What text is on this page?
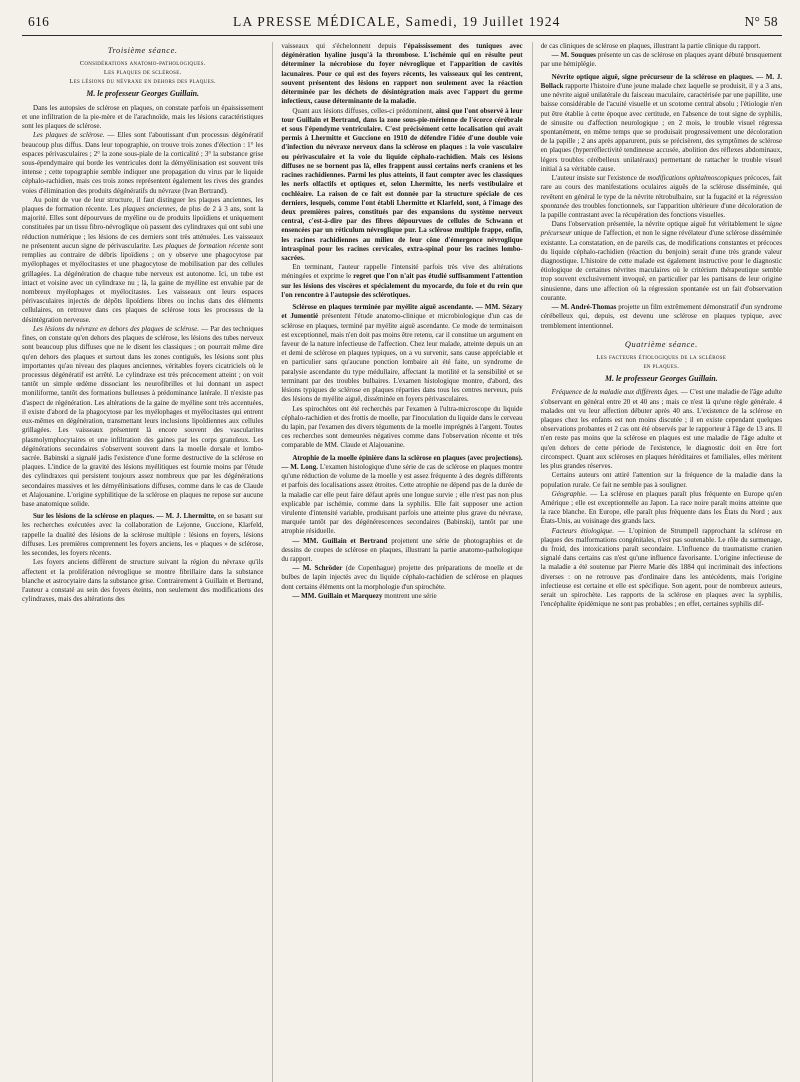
616	LA PRESSE MÉDICALE, Samedi, 19 Juillet 1924	N° 58

Troisième séance.

Considérations anatomo-pathologiques.

Les plaques de sclérose.

Les lésions du névraxe en dehors des plaques.

M. le professeur Georges Guillain.

Dans les autopsies de sclérose en plaques, on constate parfois un épaississement et une infiltration de la pie-mère et de l'arachnoïde, mais les lésions caractéristiques sont les plaques de sclérose.

Les plaques de sclérose. — Elles sont l'aboutissant d'un processus dégénératif beaucoup plus diffus. Dans leur topographie, on trouve trois zones d'élection : 1° les espaces périvasculaires ; 2° la zone sous-piale de la corticalité ; 3° la substance grise sous-épendymaire qui borde les ventricules dont la démyélinisation est souvent très intense ; cette topographie semble indiquer une propagation du virus par le liquide céphalo-rachidien, mais ces trois zones représentent également les rives des grandes voies d'élimination des produits dégénératifs du névraxe (Ivan Bertrand).

Au point de vue de leur structure, il faut distinguer les plaques anciennes, les plaques de formation récente. Les plaques anciennes, de plus de 2 à 3 ans, sont la majorité. Elles sont dépourvues de myéline ou de produits lipoïdiens et uniquement constituées par un tissu fibro-névroglique où passent des cylindraxes qui ont subi une réduction numérique ; les lésions de ces derniers sont très atténuées. Les vaisseaux ne présentent aucun signe de périvascularite. Les plaques de formation récente sont remplies au contraire de débris lipoïdiens ; on y observe une phagocytose par myélophages et myélocitastes et une phagocytose de mobilisation par des cellules grillagées. La dégénération de chaque tube nerveux est autonome. Ici, un tube est intact et voisine avec un cylindraxe nu ; là, la gaine de myéline est envahie par de nombreux myélophages et myélocitastes. Les vaisseaux ont leurs espaces périvasculaires injectés de dépôts lipoïdiens libres ou inclus dans des éléments cellulaires, on retrouve dans ces plaques de sclérose tous les processus de la désintégration nerveuse.

Les lésions du névraxe en dehors des plaques de sclérose. — Par des techniques fines, on constate qu'en dehors des plaques de sclérose, les lésions des tubes nerveux sont beaucoup plus diffuses que ne le disent les classiques ; on pourrait même dire qu'en dehors des plaques et surtout dans les zones contiguës, les lésions sont plus importantes qu'au niveau des plaques anciennes, véritables foyers cicatriciels où le processus dégénératif est arrêté. Le cylindraxe est très précocement atteint ; on voit tantôt un simple œdème dissociant les neurofibrilles et lui donnant un aspect moniliforme, tantôt des formations bulleuses à prédominance latérale. Il n'existe pas d'aspect de régénération. Les altérations de la gaine de myéline sont très accentuées, il existe d'abord de la phagocytose par les myélophages et myélocitastes qui entrent eux-mêmes en dégénération, transmettant leurs inclusions lipoïdiennes aux cellules grillagées. Les vaisseaux présentent là encore souvent des vascularites plasmolymphocytaires et une infiltration des gaines par les corps granuleux. Les dégénérations secondaires s'observent souvent dans la moelle dorsale et lombo-sacrée. Babinski a signalé jadis l'existence d'une forme destructive de la sclérose en plaques. L'indice de la gravité des lésions myélitiques est fournie moins par l'étude des cylindraxes qui persistent toujours assez nombreux que par les dégénérations secondaires massives et les démyélinisations diffuses, comme dans le cas de Claude et Alajouanine. L'origine syphilitique de la sclérose en plaques ne repose sur aucune base anatomique solide.

Sur les lésions de la sclérose en plaques. — M. J. Lhermitte, en se basant sur les recherches exécutées avec la collaboration de Lejonne, Guccione, Klarfeld, rappelle la dualité des lésions de la sclérose multiple : lésions en foyers, lésions diffuses. Les premières comprennent les foyers anciens, les « plaques » de sclérose, les secondes, les foyers récents.

Les foyers anciens diffèrent de structure suivant la région du névraxe qu'ils affectent et la prolifération névroglique se montre fibrillaire dans la substance blanche et astrocytaire dans la substance grise. Contrairement à Guillain et Bertrand, l'auteur a constaté au sein des foyers éteints, non seulement des modifications des cylindraxes, mais des altérations des

vaisseaux qui s'échelonnent depuis l'épaississement des tuniques avec dégénération hyaline jusqu'à la thrombose. L'ischémie qui en résulte peut déterminer la nécrobiose du foyer névroglique et l'apparition de cavités lacunaires. Pour ce qui est des foyers récents, les vaisseaux qui les centrent, souvent présentent des lésions en rapport non seulement avec la réaction déterminée par les déchets de désintégration mais avec l'apport du germe infectieux, cause déterminante de la maladie.

Quant aux lésions diffuses, celles-ci prédominent, ainsi que l'ont observé à leur tour Guillain et Bertrand, dans la zone sous-pie-mérienne de l'écorce cérébrale et sous l'épendyme ventriculaire. C'est précisément cette localisation qui avait permis à Lhermitte et Guccione en 1910 de défendre l'idée d'une double voie d'infection du névraxe nerveux dans la sclérose en plaques : la voie vasculaire ou périvasculaire et la voie du liquide céphalo-rachidien. Mais ces lésions diffuses ne se bornent pas là, elles frappent aussi certains nerfs craniens et les racines rachidiennes. Parmi les plus atteints, il faut compter avec les classiques les nerfs olfactifs et optiques et, selon Lhermitte, les nerfs vestibulaire et cochléaire. La raison de ce fait est donnée par la structure spéciale de ces derniers, lesquels, comme l'ont établi Lhermitte et Klarfeld, sont, à l'image des deux premières paires, constitués par des expansions du système nerveux central, c'est-à-dire par des fibres dépourvues de cellules de Schwann et ensencées par un réticulum névroglique pur. La sclérose multiple frappe, enfin, les racines rachidiennes au milieu de leur cône d'émergence névroglique intraspinal pour les racines cervicales, extra-spinal pour les racines lombo-sacrées.

En terminant, l'auteur rappelle l'intensité parfois très vive des altérations méningées et exprime le regret que l'on n'ait pas étudié suffisamment l'attention sur les lésions des viscères et spécialement du myocarde, du foie et du rein que l'on rencontre à l'autopsie des sclérotiques.

Sclérose en plaques terminée par myélite aiguë ascendante. — MM. Sézary et Jumentié présentent l'étude anatomo-clinique et microbiologique d'un cas de sclérose en plaques, terminé par myélite aiguë ascendante. Ce mode de terminaison est exceptionnel, mais n'en doit pas moins être retenu, car il constitue un argument en faveur de la nature infectieuse de l'affection. Chez leur malade, atteinte depuis un an et demi de sclérose en plaques typiques, on a vu survenir, sans cause appréciable et en particulier sans qu'aucune ponction lombaire ait été faite, un syndrome de paralysie ascendante du type médullaire, affectant la motilité et la sensibilité et se terminant par des troubles bulbaires. L'examen histologique montre, d'abord, des lésions typiques de sclérose en plaques réparties dans tous les centres nerveux, puis des lésions de myélite aiguë, disséminée en foyers périvasculaires.

Les spirochètes ont été recherchés par l'examen à l'ultra-microscope du liquide céphalo-rachidien et des frottis de moelle, par l'inoculation du liquide dans le cerveau du lapin, par l'examen des divers téguments de la moelle imprégnés à l'argent. Toutes ces recherches sont demeurées négatives comme dans l'observation récente et très comparable de MM. Claude et Alajouanine.

Atrophie de la moelle épinière dans la sclérose en plaques (avec projections). — M. Long. L'examen histologique d'une série de cas de sclérose en plaques montre qu'une réduction de volume de la moelle y est assez fréquente à des degrés différents et parfois des localisations assez étroites. Cette atrophie ne dépend pas de la durée de la maladie car elle peut faire défaut après une longue survie ; elle n'est pas non plus explicable par ischémie, comme dans la syphilis. Elle fait supposer une action virulente d'intensité variable, produisant parfois une atteinte plus grave du névraxe, marquée tantôt par des dégénérescences secondaires (Babinski), tantôt par une atrophie résiduelle.

— MM. Guillain et Bertrand projettent une série de photographies et de dessins de coupes de sclérose en plaques, illustrant la partie anatomo-pathologique du rapport.

— M. Schröder (de Copenhague) projette des préparations de moelle et de bulbes de lapin injectés avec du liquide céphalo-rachidien de sclérose en plaques dont certains éléments ont la morphologie d'un spirochète.

— MM. Guillain et Marquezy montrent une série

de cas cliniques de sclérose en plaques, illustrant la partie clinique du rapport.

— M. Souques présente un cas de sclérose en plaques ayant débuté brusquement par une hémiplégie.

Névrite optique aiguë, signe précurseur de la sclérose en plaques. — M. J. Bollack rapporte l'histoire d'une jeune malade chez laquelle se produisit, il y a 3 ans, une névrite aiguë unilatérale du faisceau maculaire, caractérisée par une papillite, une baisse considérable de l'acuité visuelle et un scotome central absolu ; l'étiologie n'en put être établie à cette époque avec certitude, en l'absence de tout signe de syphilis, de sinusite ou d'affection neurologique ; en 2 mois, le trouble visuel régressa spontanément, en même temps que se produisait progressivement une décoloration de la papille ; 2 ans après apparurent, puis se précisèrent, des symptômes de sclérose en plaques (hyperréflectivité tendineuse accusée, abolition des réflexes abdominaux, légers troubles cérébelleux unilatéraux) permettant de rattacher le trouble visuel initial à sa véritable cause.

L'auteur insiste sur l'existence de modifications ophtalmoscopiques précoces, fait rare au cours des manifestations oculaires aiguës de la sclérose disséminée, qui revêtent en général le type de la névrite rétrobulbaire, sur la fugacité et la régression spontanée des troubles fonctionnels, sur l'apparition ultérieure d'une décoloration de la papille contrastant avec la récupération des fonctions visuelles.

Dans l'observation présentée, la névrite optique aiguë fut véritablement le signe précurseur unique de l'affection, et non le signe révélateur d'une sclérose disséminée existante. La constatation, en de pareils cas, de modifications constantes et précoces du liquide céphalo-rachidien (réaction du benjoin) serait d'une très grande valeur diagnostique. L'histoire de cette malade est également instructive pour le diagnostic étiologique de certaines névrites maculaires où le critérium thérapeutique semble trop souvent exclusivement invoqué, en particulier par les partisans de leur origine sinusienne, dans une affection où la régression spontanée est un fait d'observation courante.

— M. André-Thomas projette un film extrêmement démonstratif d'un syndrome cérébelleux qui, depuis, est devenu une sclérose en plaques typique, avec tremblement intentionnel.

Quatrième séance.

Les facteurs étiologiques de la sclérose

en plaques.

M. le professeur Georges Guillain.

Fréquence de la maladie aux différents âges. — C'est une maladie de l'âge adulte s'observant en général entre 20 et 40 ans ; mais ce n'est là qu'une règle générale. 4 malades ont vu leur affection débuter après 40 ans. L'existence de la sclérose en plaques chez les enfants est non moins discutée ; il en existe cependant quelques observations probantes et 2 cas ont été observés par le rapporteur à l'âge de 13 ans. Il n'en reste pas moins que la sclérose en plaques est une maladie de l'âge adulte et qu'en dehors de cette période de l'existence, le diagnostic doit en être fort circonspect. Quant aux scléroses en plaques héréditaires et familiales, elles méritent les plus grandes réserves.

Certains auteurs ont attiré l'attention sur la fréquence de la maladie dans la population rurale. Ce fait ne semble pas à souligner.

Géographie. — La sclérose en plaques paraît plus fréquente en Europe qu'en Amérique ; elle est exceptionnelle au Japon. La race noire paraît moins atteinte que la race blanche. En Europe, elle paraît plus fréquente dans les États du Nord ; aux États-Unis, au voisinage des grands lacs.

Facteurs étiologique. — L'opinion de Strumpell rapprochant la sclérose en plaques des malformations congénitales, n'est pas soutenable. Le rôle du surmenage, du froid, des intoxications paraît secondaire. L'influence du traumatisme cranien signalé dans certains cas n'est qu'une influence favorisante. L'origine infectieuse de la maladie a été soutenue par Pierre Marie dès 1884 qui incriminait des infections diverses : on ne retrouve pas d'ordinaire dans les antécédents, mais l'origine infectieuse est certaine et elle est spécifique. Son agent, pour de nombreux auteurs, serait un spirochète. Les rapports de la sclérose en plaques avec la syphilis, l'encéphalite épidémique ne sont pas probables ; en effet, certaines syphilis dif-
